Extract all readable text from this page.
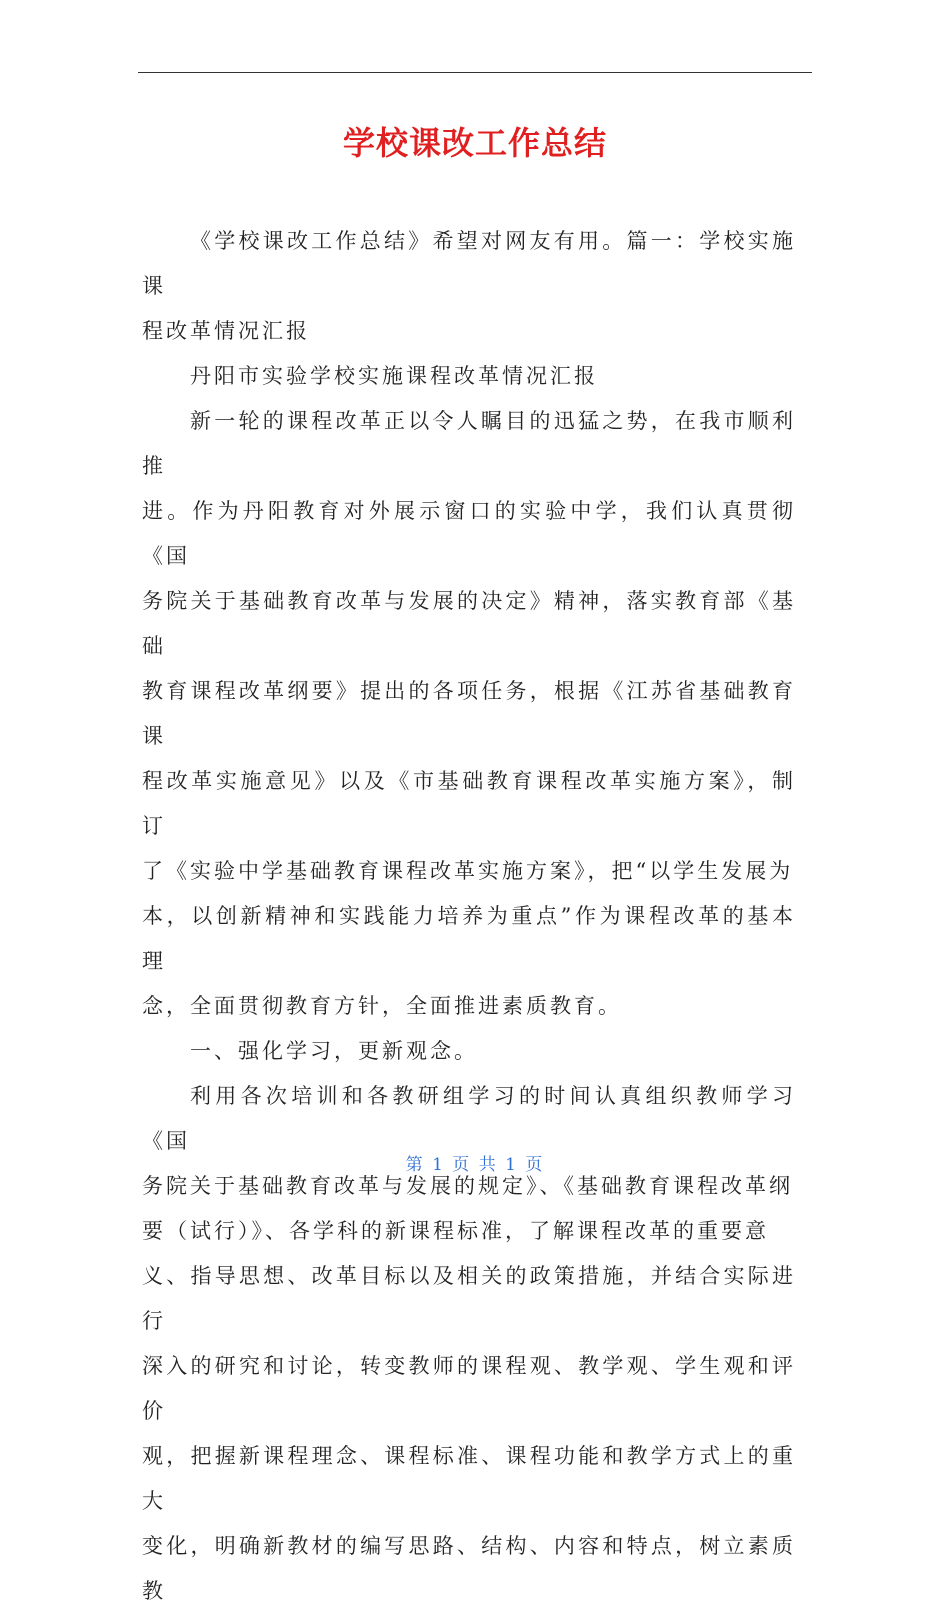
学校课改工作总结

《学校课改工作总结》希望对网友有用。篇一：学校实施课
程改革情况汇报

丹阳市实验学校实施课程改革情况汇报

新一轮的课程改革正以令人瞩目的迅猛之势，在我市顺利推
进。作为丹阳教育对外展示窗口的实验中学，我们认真贯彻《国
务院关于基础教育改革与发展的决定》精神，落实教育部《基础
教育课程改革纲要》提出的各项任务，根据《江苏省基础教育课
程改革实施意见》以及《市基础教育课程改革实施方案》，制订
了《实验中学基础教育课程改革实施方案》，把“以学生发展为
本，以创新精神和实践能力培养为重点”作为课程改革的基本理
念，全面贯彻教育方针，全面推进素质教育。

一、强化学习，更新观念。

利用各次培训和各教研组学习的时间认真组织教师学习《国
务院关于基础教育改革与发展的规定》、《基础教育课程改革纲
要（试行）》、各学科的新课程标准，了解课程改革的重要意
义、指导思想、改革目标以及相关的政策措施，并结合实际进行
深入的研究和讨论，转变教师的课程观、教学观、学生观和评价
观，把握新课程理念、课程标准、课程功能和教学方式上的重大
变化，明确新教材的编写思路、结构、内容和特点，树立素质教

第 1 页 共 1 页
